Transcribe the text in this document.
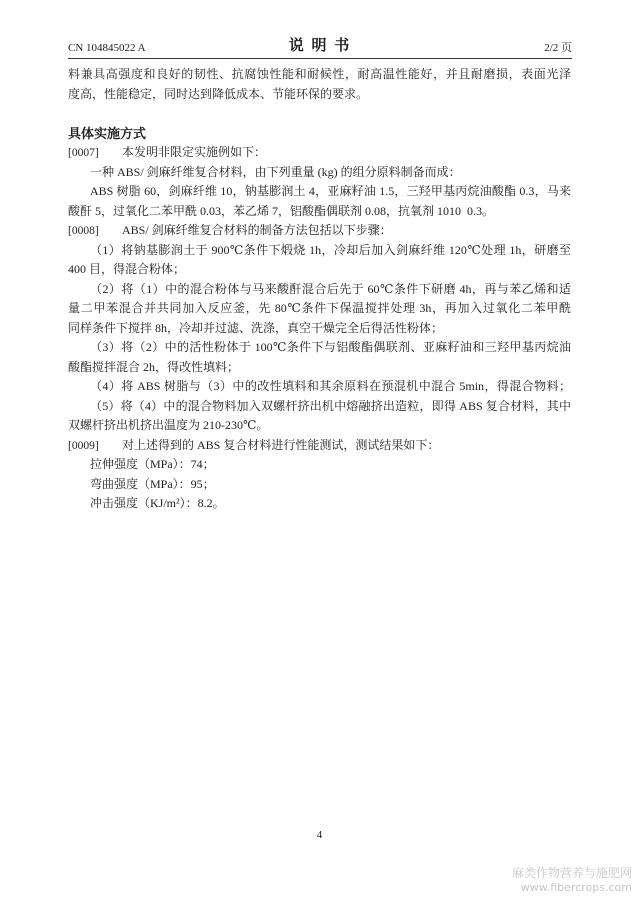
CN 104845022 A	说 明 书	2/2 页
料兼具高强度和良好的韧性、抗腐蚀性能和耐候性，耐高温性能好，并且耐磨损，表面光泽
度高，性能稳定，同时达到降低成本、节能环保的要求。
具体实施方式
[0007] 本发明非限定实施例如下：
一种 ABS/ 剑麻纤维复合材料，由下列重量 (kg) 的组分原料制备而成：
ABS 树脂 60，剑麻纤维 10，钠基膨润土 4，亚麻籽油 1.5，三羟甲基丙烷油酸酯 0.3，马来
酸酐 5，过氧化二苯甲酰 0.03，苯乙烯 7，铝酸酯偶联剂 0.08，抗氧剂 1010  0.3。
[0008] ABS/ 剑麻纤维复合材料的制备方法包括以下步骤：
（1）将钠基膨润土于 900℃条件下煅烧 1h，冷却后加入剑麻纤维 120℃处理 1h，研磨至
400 目，得混合粉体；
（2）将（1）中的混合粉体与马来酸酐混合后先于 60℃条件下研磨 4h，再与苯乙烯和适
量二甲苯混合并共同加入反应釜，先 80℃条件下保温搅拌处理 3h，再加入过氧化二苯甲酰
同样条件下搅拌 8h，冷却并过滤、洗涤，真空干燥完全后得活性粉体；
（3）将（2）中的活性粉体于 100℃条件下与铝酸酯偶联剂、亚麻籽油和三羟甲基丙烷油
酸酯搅拌混合 2h，得改性填料；
（4）将 ABS 树脂与（3）中的改性填料和其余原料在预混机中混合 5min，得混合物料；
（5）将（4）中的混合物料加入双螺杆挤出机中熔融挤出造粒，即得 ABS 复合材料，其中
双螺杆挤出机挤出温度为 210-230℃。
[0009] 对上述得到的 ABS 复合材料进行性能测试，测试结果如下：
拉伸强度（MPa）：74；
弯曲强度（MPa）：95；
冲击强度（KJ/m²）：8.2。
4
麻类作物营养与施肥网
www.fibercrops.com
